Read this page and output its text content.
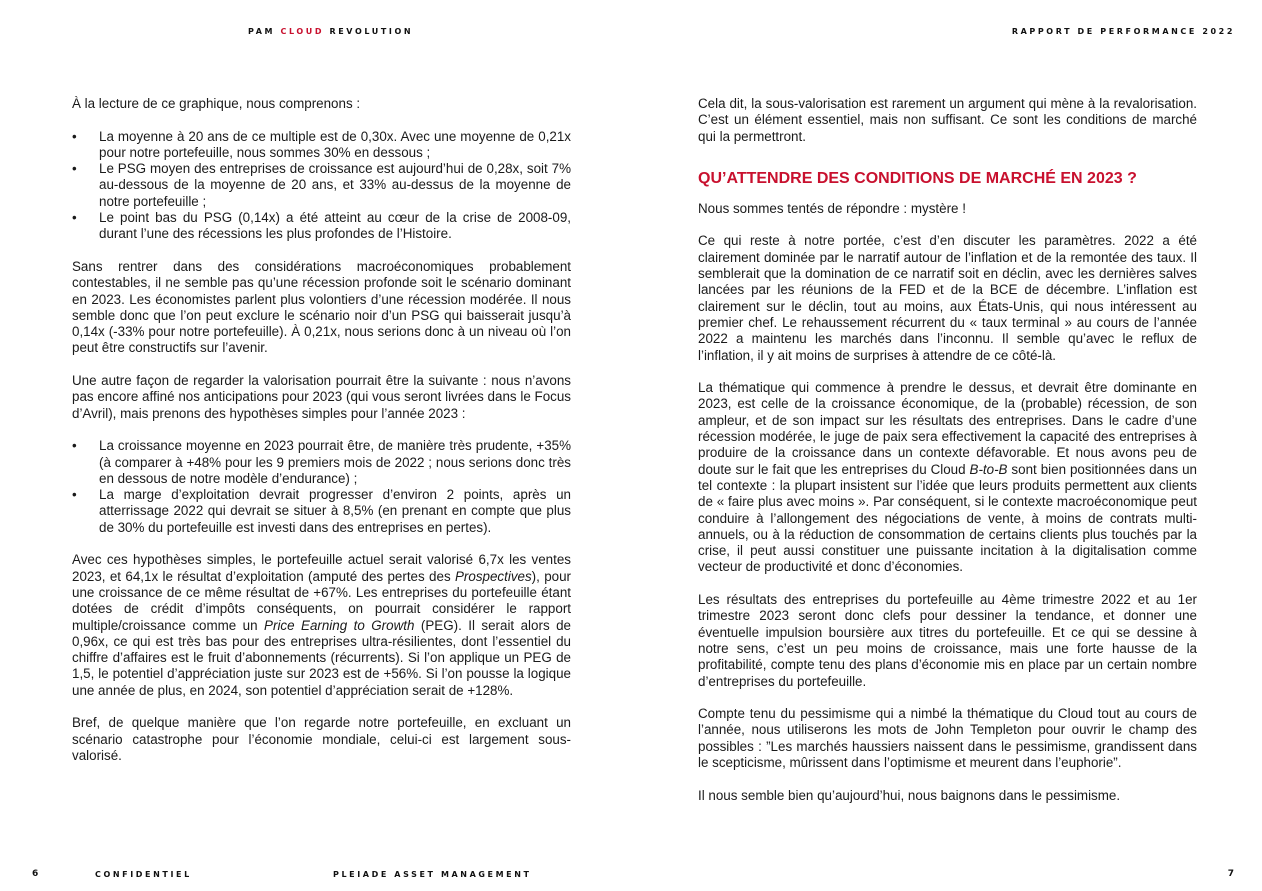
PAM CLOUD REVOLUTION	RAPPORT DE PERFORMANCE 2022

À la lecture de ce graphique, nous comprenons :

• La moyenne à 20 ans de ce multiple est de 0,30x. Avec une moyenne de 0,21x pour notre portefeuille, nous sommes 30% en dessous ;
• Le PSG moyen des entreprises de croissance est aujourd’hui de 0,28x, soit 7% au-dessous de la moyenne de 20 ans, et 33% au-dessus de la moyenne de notre portefeuille ;
• Le point bas du PSG (0,14x) a été atteint au cœur de la crise de 2008-09, durant l’une des récessions les plus profondes de l’Histoire.

Sans rentrer dans des considérations macroéconomiques probablement contestables, il ne semble pas qu’une récession profonde soit le scénario dominant en 2023. Les économistes parlent plus volontiers d’une récession modérée. Il nous semble donc que l’on peut exclure le scénario noir d’un PSG qui baisserait jusqu’à 0,14x (-33% pour notre portefeuille). À 0,21x, nous serions donc à un niveau où l’on peut être constructifs sur l’avenir.

Une autre façon de regarder la valorisation pourrait être la suivante : nous n’avons pas encore affiné nos anticipations pour 2023 (qui vous seront livrées dans le Focus d’Avril), mais prenons des hypothèses simples pour l’année 2023 :

• La croissance moyenne en 2023 pourrait être, de manière très prudente, +35% (à comparer à +48% pour les 9 premiers mois de 2022 ; nous serions donc très en dessous de notre modèle d’endurance) ;
• La marge d’exploitation devrait progresser d’environ 2 points, après un atterrissage 2022 qui devrait se situer à 8,5% (en prenant en compte que plus de 30% du portefeuille est investi dans des entreprises en pertes).

Avec ces hypothèses simples, le portefeuille actuel serait valorisé 6,7x les ventes 2023, et 64,1x le résultat d’exploitation (amputé des pertes des Prospectives), pour une croissance de ce même résultat de +67%. Les entreprises du portefeuille étant dotées de crédit d’impôts conséquents, on pourrait considérer le rapport multiple/croissance comme un Price Earning to Growth (PEG). Il serait alors de 0,96x, ce qui est très bas pour des entreprises ultra-résilientes, dont l’essentiel du chiffre d’affaires est le fruit d’abonnements (récurrents). Si l’on applique un PEG de 1,5, le potentiel d’appréciation juste sur 2023 est de +56%. Si l’on pousse la logique une année de plus, en 2024, son potentiel d’appréciation serait de +128%.

Bref, de quelque manière que l’on regarde notre portefeuille, en excluant un scénario catastrophe pour l’économie mondiale, celui-ci est largement sous-valorisé.

Cela dit, la sous-valorisation est rarement un argument qui mène à la revalorisation. C’est un élément essentiel, mais non suffisant. Ce sont les conditions de marché qui la permettront.

QU’ATTENDRE DES CONDITIONS DE MARCHÉ EN 2023 ?

Nous sommes tentés de répondre : mystère !

Ce qui reste à notre portée, c’est d’en discuter les paramètres. 2022 a été clairement dominée par le narratif autour de l’inflation et de la remontée des taux. Il semblerait que la domination de ce narratif soit en déclin, avec les dernières salves lancées par les réunions de la FED et de la BCE de décembre. L’inflation est clairement sur le déclin, tout au moins, aux États-Unis, qui nous intéressent au premier chef. Le rehaussement récurrent du « taux terminal » au cours de l’année 2022 a maintenu les marchés dans l’inconnu. Il semble qu’avec le reflux de l’inflation, il y ait moins de surprises à attendre de ce côté-là.

La thématique qui commence à prendre le dessus, et devrait être dominante en 2023, est celle de la croissance économique, de la (probable) récession, de son ampleur, et de son impact sur les résultats des entreprises. Dans le cadre d’une récession modérée, le juge de paix sera effectivement la capacité des entreprises à produire de la croissance dans un contexte défavorable. Et nous avons peu de doute sur le fait que les entreprises du Cloud B-to-B sont bien positionnées dans un tel contexte : la plupart insistent sur l’idée que leurs produits permettent aux clients de « faire plus avec moins ». Par conséquent, si le contexte macroéconomique peut conduire à l’allongement des négociations de vente, à moins de contrats multi-annuels, ou à la réduction de consommation de certains clients plus touchés par la crise, il peut aussi constituer une puissante incitation à la digitalisation comme vecteur de productivité et donc d’économies.

Les résultats des entreprises du portefeuille au 4ème trimestre 2022 et au 1er trimestre 2023 seront donc clefs pour dessiner la tendance, et donner une éventuelle impulsion boursière aux titres du portefeuille. Et ce qui se dessine à notre sens, c’est un peu moins de croissance, mais une forte hausse de la profitabilité, compte tenu des plans d’économie mis en place par un certain nombre d’entreprises du portefeuille.

Compte tenu du pessimisme qui a nimbé la thématique du Cloud tout au cours de l’année, nous utiliserons les mots de John Templeton pour ouvrir le champ des possibles : ”Les marchés haussiers naissent dans le pessimisme, grandissent dans le scepticisme, mûrissent dans l’optimisme et meurent dans l’euphorie”.

Il nous semble bien qu’aujourd’hui, nous baignons dans le pessimisme.

6	CONFIDENTIEL	PLEIADE ASSET MANAGEMENT	7
